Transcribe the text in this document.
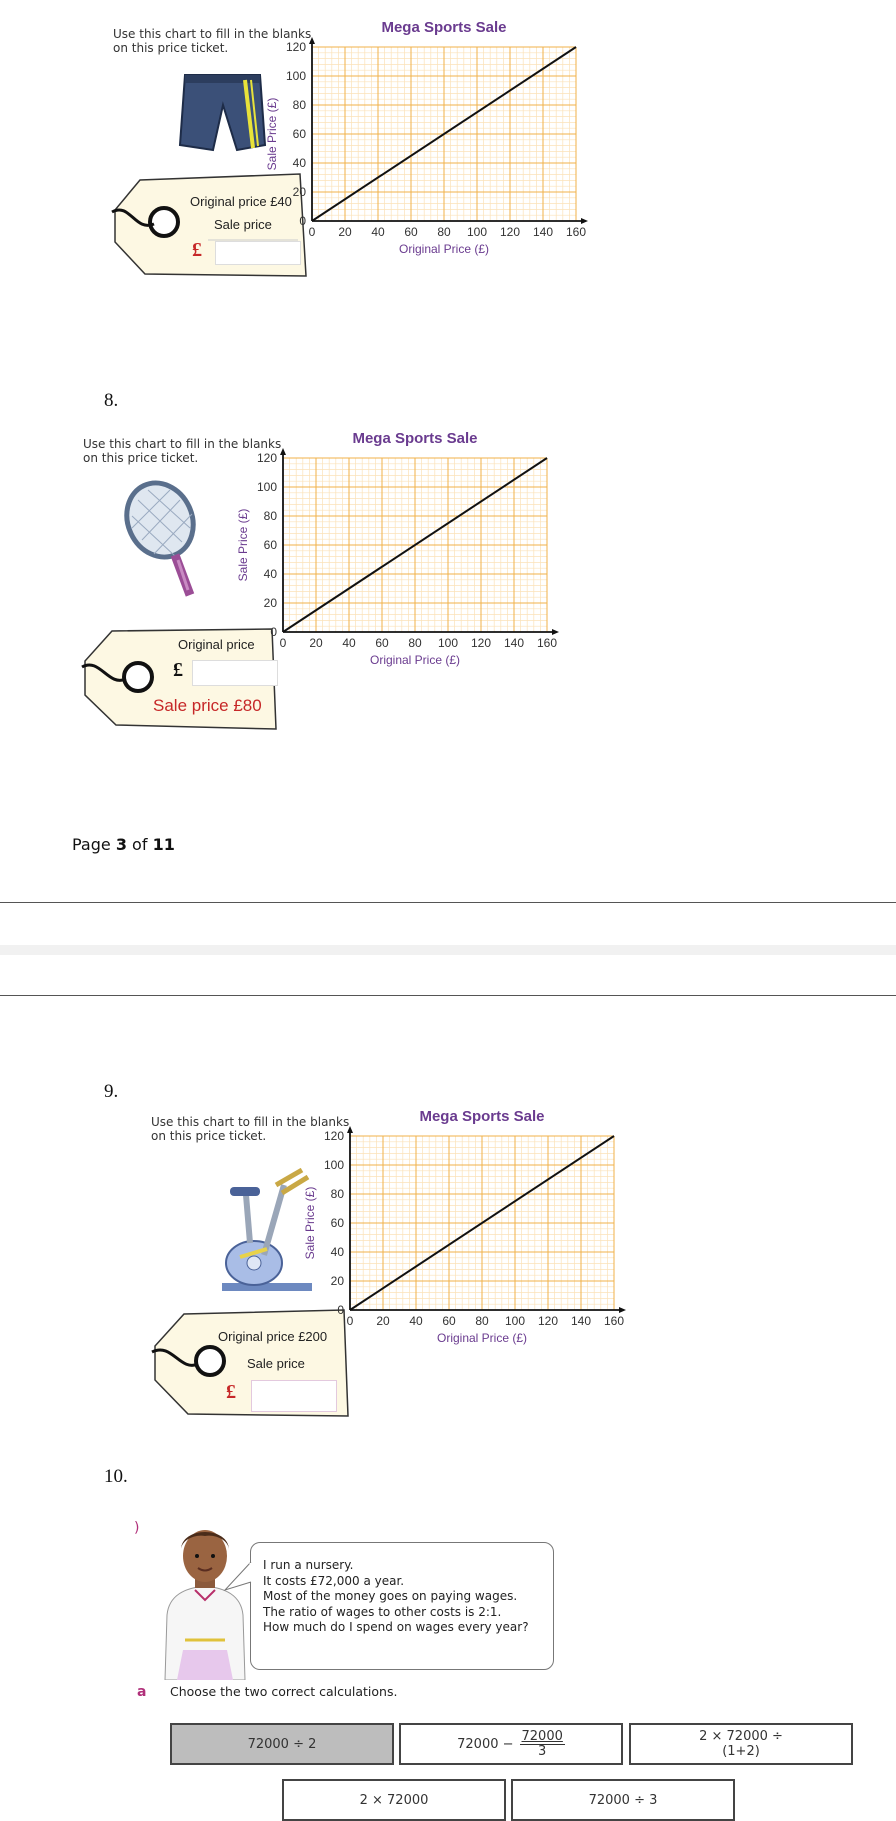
Use this chart to fill in the blanks
on this price ticket.
Original price £40
Sale price
£
0 20 40 60 80 100 120 140 160
0
20
40
60
80
100
120
Mega Sports Sale
Original Price (£)
Sale Price (£)
8.
Use this chart to fill in the blanks
on this price ticket.
Original price
£
Sale price £80
0 20 40 60 80 100 120 140 160
0
20
40
60
80
100
120
Mega Sports Sale
Original Price (£)
Sale Price (£)
Page 3 of 11
9.
Use this chart to fill in the blanks
on this price ticket.
Original price £200
Sale price
£
0 20 40 60 80 100 120 140 160
0
20
40
60
80
100
120
Mega Sports Sale
Original Price (£)
Sale Price (£)
10.
)
I run a nursery.
It costs £72,000 a year.
Most of the money goes on paying wages.
The ratio of wages to other costs is 2:1.
How much do I spend on wages every year?
a Choose the two correct calculations.
72000 ÷ 2	$72000 - \frac{72000}{3}$	2 × 72000 ÷
(1+2)
2 × 72000	72000 ÷ 3
